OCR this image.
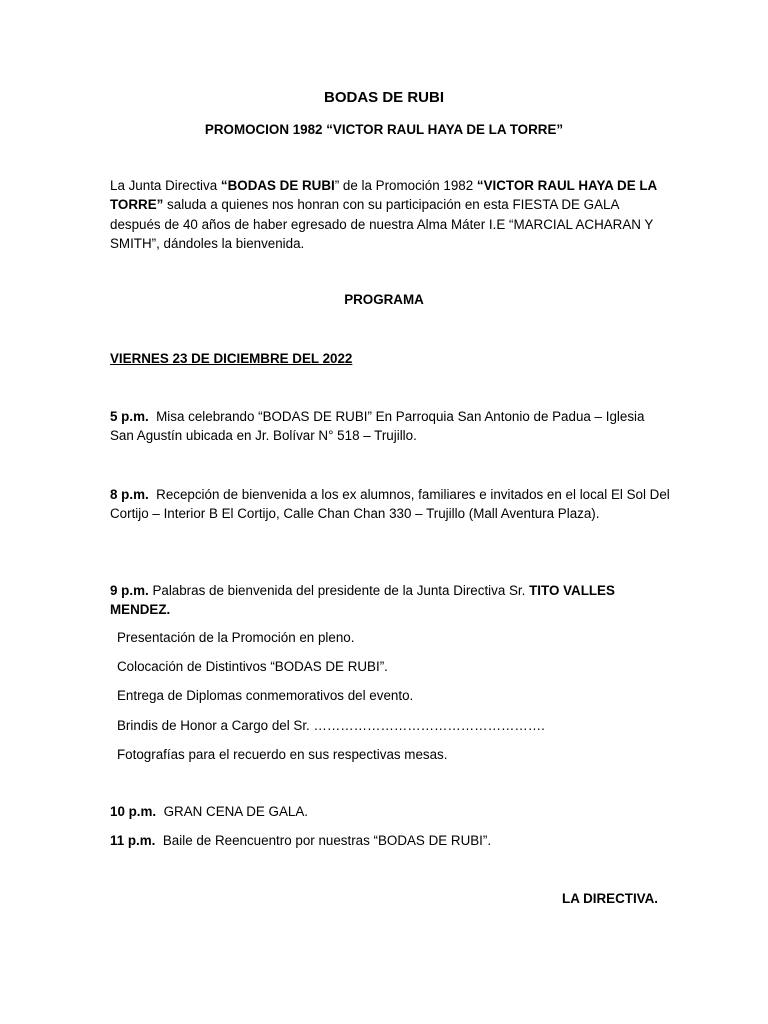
BODAS DE RUBI

PROMOCION 1982 “VICTOR RAUL HAYA DE LA TORRE”

La Junta Directiva “BODAS DE RUBI” de la Promoción 1982 “VICTOR RAUL HAYA DE LA TORRE” saluda a quienes nos honran con su participación en esta FIESTA DE GALA después de 40 años de haber egresado de nuestra Alma Máter I.E “MARCIAL ACHARAN Y SMITH”, dándoles la bienvenida.

PROGRAMA

VIERNES 23 DE DICIEMBRE DEL 2022

5 p.m. Misa celebrando “BODAS DE RUBI” En Parroquia San Antonio de Padua – Iglesia San Agustín ubicada en Jr. Bolívar N° 518 – Trujillo.

8 p.m. Recepción de bienvenida a los ex alumnos, familiares e invitados en el local El Sol Del Cortijo – Interior B El Cortijo, Calle Chan Chan 330 – Trujillo (Mall Aventura Plaza).

9 p.m. Palabras de bienvenida del presidente de la Junta Directiva Sr. TITO VALLES MENDEZ.

Presentación de la Promoción en pleno.

Colocación de Distintivos “BODAS DE RUBI”.

Entrega de Diplomas conmemorativos del evento.

Brindis de Honor a Cargo del Sr. …………………………………………….

Fotografías para el recuerdo en sus respectivas mesas.

10 p.m. GRAN CENA DE GALA.

11 p.m. Baile de Reencuentro por nuestras “BODAS DE RUBI”.

LA DIRECTIVA.
